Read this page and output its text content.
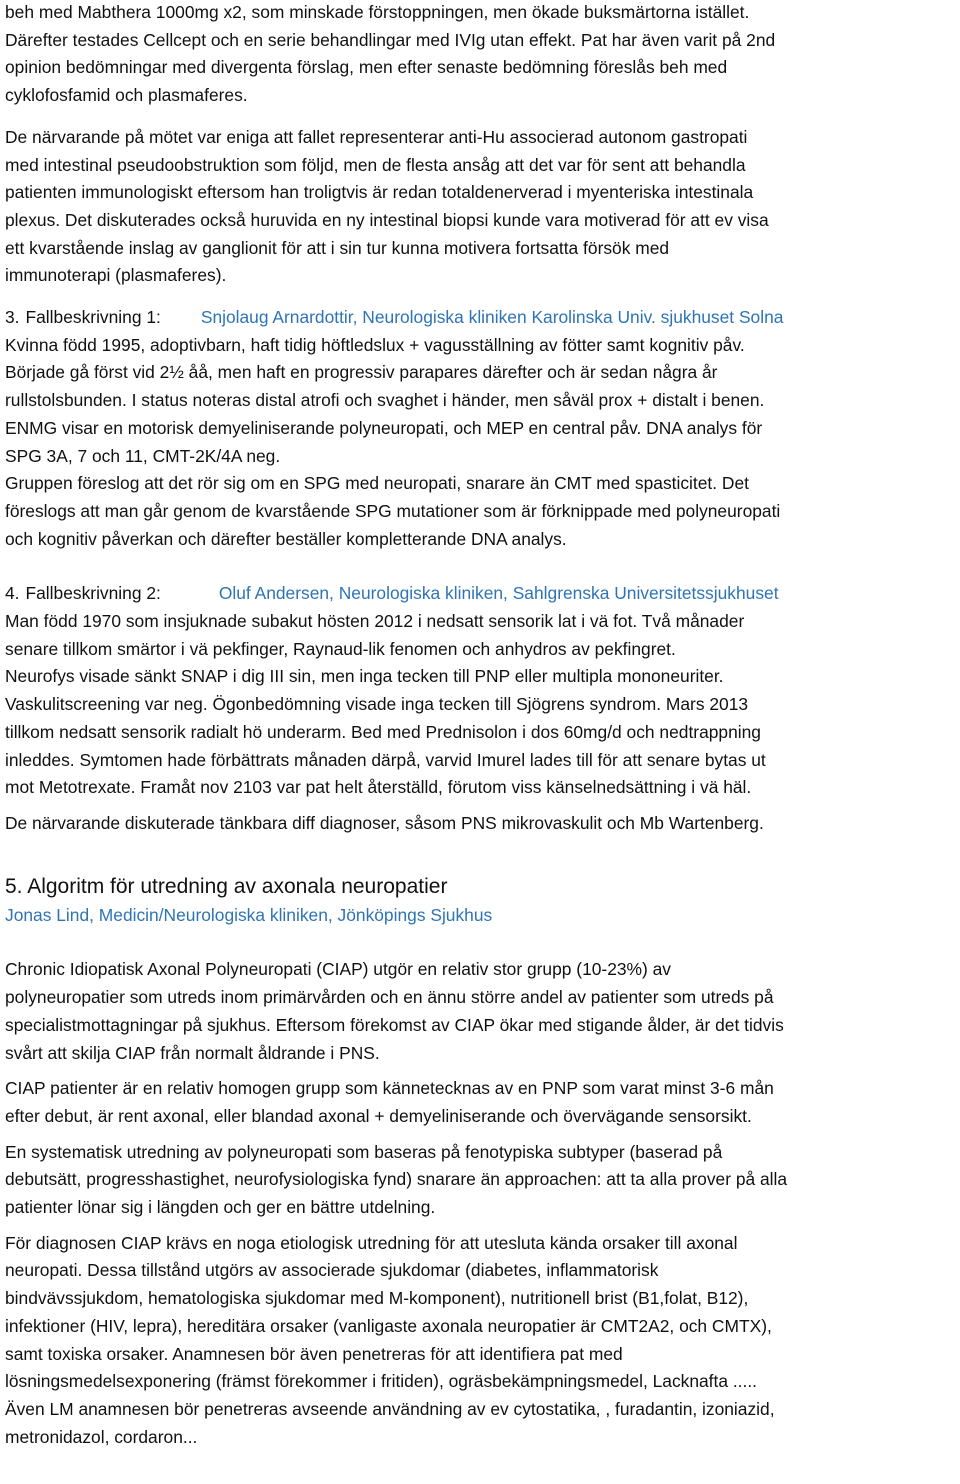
beh med Mabthera 1000mg x2, som minskade förstoppningen, men ökade buksmärtorna istället.
Därefter testades Cellcept och en serie behandlingar med IVIg utan effekt. Pat har även varit på 2nd
opinion bedömningar med divergenta förslag, men efter senaste bedömning föreslås beh med
cyklofosfamid och plasmaferes.

De närvarande på mötet var eniga att fallet representerar anti-Hu associerad autonom gastropati
med intestinal pseudoobstruktion som följd, men de flesta ansåg att det var för sent att behandla
patienten immunologiskt eftersom han troligtvis är redan totaldenerverad i myenteriska intestinala
plexus. Det diskuterades också huruvida en ny intestinal biopsi kunde vara motiverad för att ev visa
ett kvarstående inslag av ganglionit för att i sin tur kunna motivera fortsatta försök med
immunoterapi (plasmaferes).

3. Fallbeskrivning 1: Snjolaug Arnardottir, Neurologiska kliniken Karolinska Univ. sjukhuset Solna

Kvinna född 1995, adoptivbarn, haft tidig höftledslux + vagusställning av fötter samt kognitiv påv.
Började gå först vid 2½ åå, men haft en progressiv parapares därefter och är sedan några år
rullstolsbunden. I status noteras distal atrofi och svaghet i händer, men såväl prox + distalt i benen.
ENMG visar en motorisk demyeliniserande polyneuropati, och MEP en central påv. DNA analys för
SPG 3A, 7 och 11, CMT-2K/4A neg.
Gruppen föreslog att det rör sig om en SPG med neuropati, snarare än CMT med spasticitet. Det
föreslogs att man går genom de kvarstående SPG mutationer som är förknippade med polyneuropati
och kognitiv påverkan och därefter beställer kompletterande DNA analys.

4. Fallbeskrivning 2:	Oluf Andersen, Neurologiska kliniken, Sahlgrenska Universitetssjukhuset

Man född 1970 som insjuknade subakut hösten 2012 i nedsatt sensorik lat i vä fot. Två månader
senare tillkom smärtor i vä pekfinger, Raynaud-lik fenomen och anhydros av pekfingret.
Neurofys visade sänkt SNAP i dig III sin, men inga tecken till PNP eller multipla mononeuriter.
Vaskulitscreening var neg. Ögonbedömning visade inga tecken till Sjögrens syndrom. Mars 2013
tillkom nedsatt sensorik radialt hö underarm. Bed med Prednisolon i dos 60mg/d och nedtrappning
inleddes. Symtomen hade förbättrats månaden därpå, varvid Imurel lades till för att senare bytas ut
mot Metotrexate. Framåt nov 2103 var pat helt återställd, förutom viss känselnedsättning i vä häl.

De närvarande diskuterade tänkbara diff diagnoser, såsom PNS mikrovaskulit och Mb Wartenberg.

5. Algoritm för utredning av axonala neuropatier

Jonas Lind, Medicin/Neurologiska kliniken, Jönköpings Sjukhus

Chronic Idiopatisk Axonal Polyneuropati (CIAP) utgör en relativ stor grupp (10-23%) av
polyneuropatier som utreds inom primärvården och en ännu större andel av patienter som utreds på
specialistmottagningar på sjukhus. Eftersom förekomst av CIAP ökar med stigande ålder, är det tidvis
svårt att skilja CIAP från normalt åldrande i PNS.

CIAP patienter är en relativ homogen grupp som kännetecknas av en PNP som varat minst 3-6 mån
efter debut, är rent axonal, eller blandad axonal + demyeliniserande och övervägande sensorsikt.

En systematisk utredning av polyneuropati som baseras på fenotypiska subtyper (baserad på
debutsätt, progresshastighet, neurofysiologiska fynd) snarare än approachen: att ta alla prover på alla
patienter lönar sig i längden och ger en bättre utdelning.

För diagnosen CIAP krävs en noga etiologisk utredning för att utesluta kända orsaker till axonal
neuropati. Dessa tillstånd utgörs av associerade sjukdomar (diabetes, inflammatorisk
bindvävssjukdom, hematologiska sjukdomar med M-komponent), nutritionell brist (B1,folat, B12),
infektioner (HIV, lepra), hereditära orsaker (vanligaste axonala neuropatier är CMT2A2, och CMTX),
samt toxiska orsaker. Anamnesen bör även penetreras för att identifiera pat med
lösningsmedelsexponering (främst förekommer i fritiden), ogräsbekämpningsmedel, Lacknafta .....
Även LM anamnesen bör penetreras avseende användning av ev cytostatika, , furadantin, izoniazid,
metronidazol, cordaron...
